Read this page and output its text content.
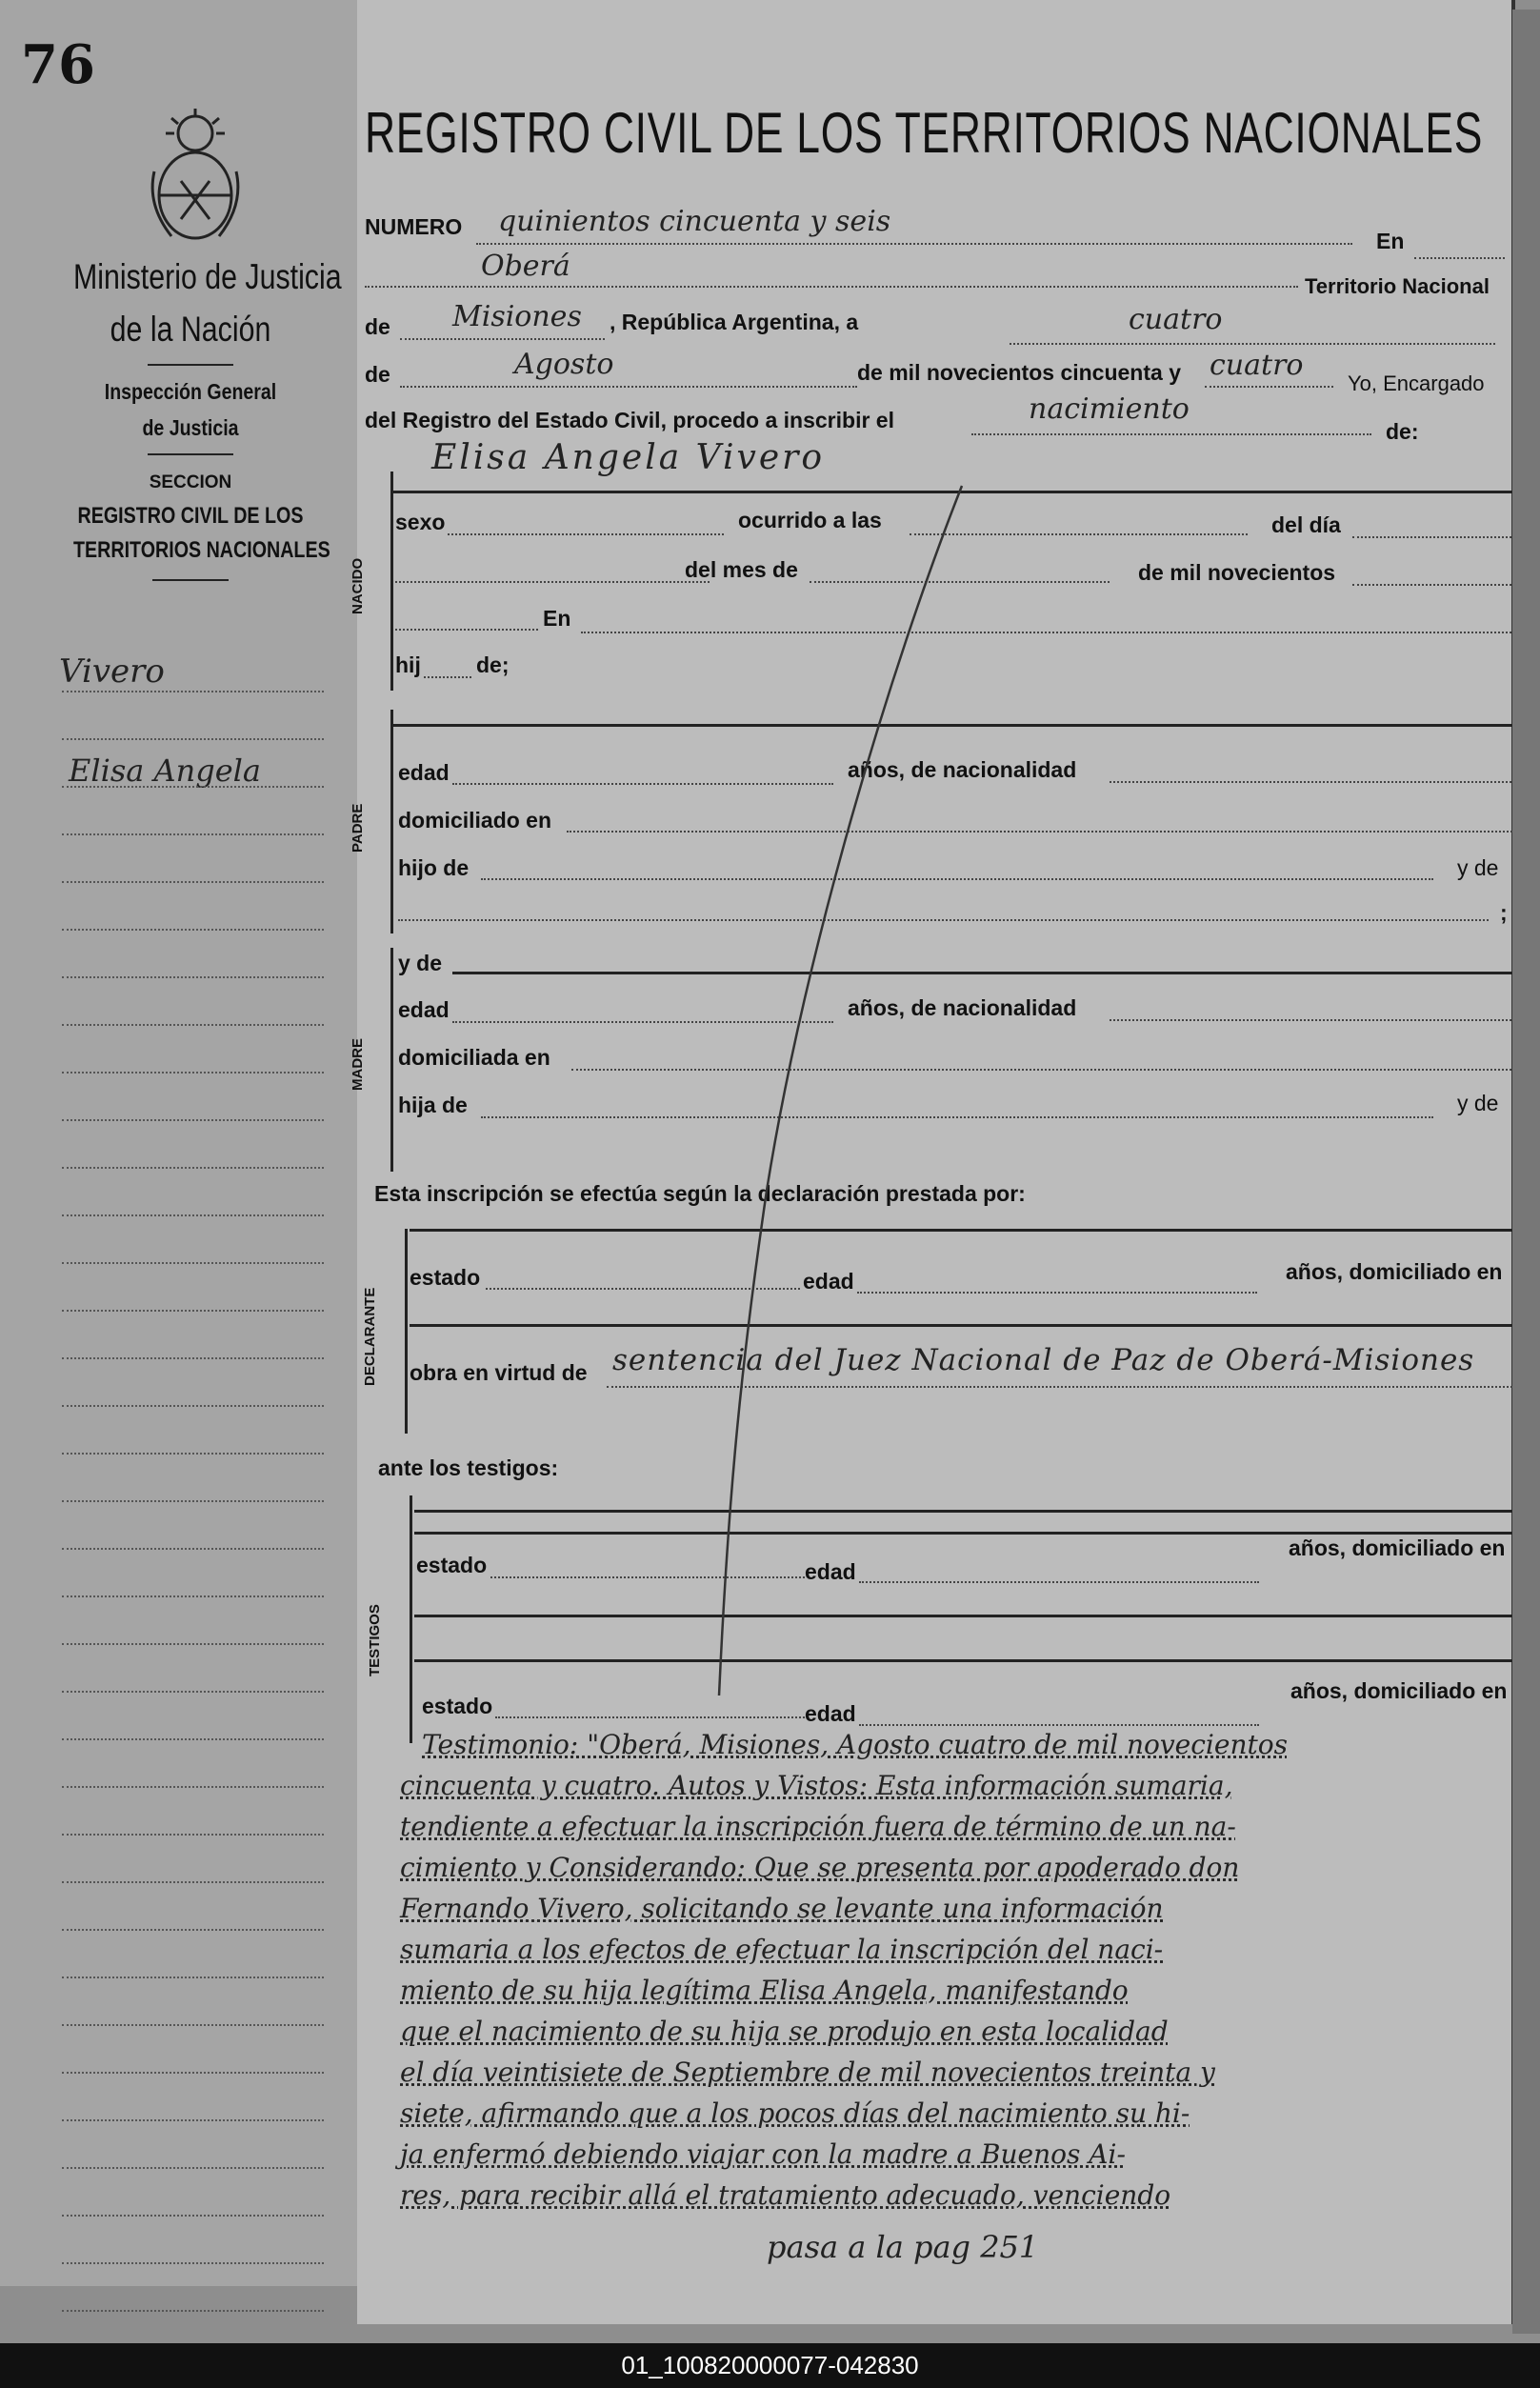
76
Ministerio de Justicia
de la Nación
Inspección General
de Justicia
SECCION
REGISTRO CIVIL DE LOS
TERRITORIOS NACIONALES
Vivero
Elisa Angela
REGISTRO CIVIL DE LOS TERRITORIOS NACIONALES
NUMERO quinientos cincuenta y seis
En
Oberá
Territorio Nacional
de Misiones , República Argentina, a	cuatro
de	Agosto	de mil novecientos cincuenta y cuatro
Yo, Encargado
del Registro del Estado Civil, procedo a inscribir el	nacimiento
de:
Elisa Angela Vivero
NACIDO
sexo	ocurrido a las	del día
del mes de	de mil novecientos
En
hij	de;
PADRE
edad	años, de nacionalidad
domiciliado en
hijo de	y de
;
y de
MADRE
edad	años, de nacionalidad
domiciliada en
hija de	y de
Esta inscripción se efectúa según la declaración prestada por:
DECLARANTE
estado	edad	años, domiciliado en
obra en virtud de sentencia del Juez Nacional de Paz de Oberá-Misiones
ante los testigos:
TESTIGOS
estado	edad
años, domiciliado en
estado	edad
años, domiciliado en
Testimonio: "Oberá, Misiones, Agosto cuatro de mil novecientos
cincuenta y cuatro. Autos y Vistos: Esta información sumaria,
tendiente a efectuar la inscripción fuera de término de un na-
cimiento y Considerando: Que se presenta por apoderado don
Fernando Vivero, solicitando se levante una información
sumaria a los efectos de efectuar la inscripción del naci-
miento de su hija legítima Elisa Angela, manifestando
que el nacimiento de su hija se produjo en esta localidad
el día veintisiete de Septiembre de mil novecientos treinta y
siete, afirmando que a los pocos días del nacimiento su hi-
ja enfermó debiendo viajar con la madre a Buenos Ai-
res, para recibir allá el tratamiento adecuado, venciendo
pasa a la pag 251
01_100820000077-042830
